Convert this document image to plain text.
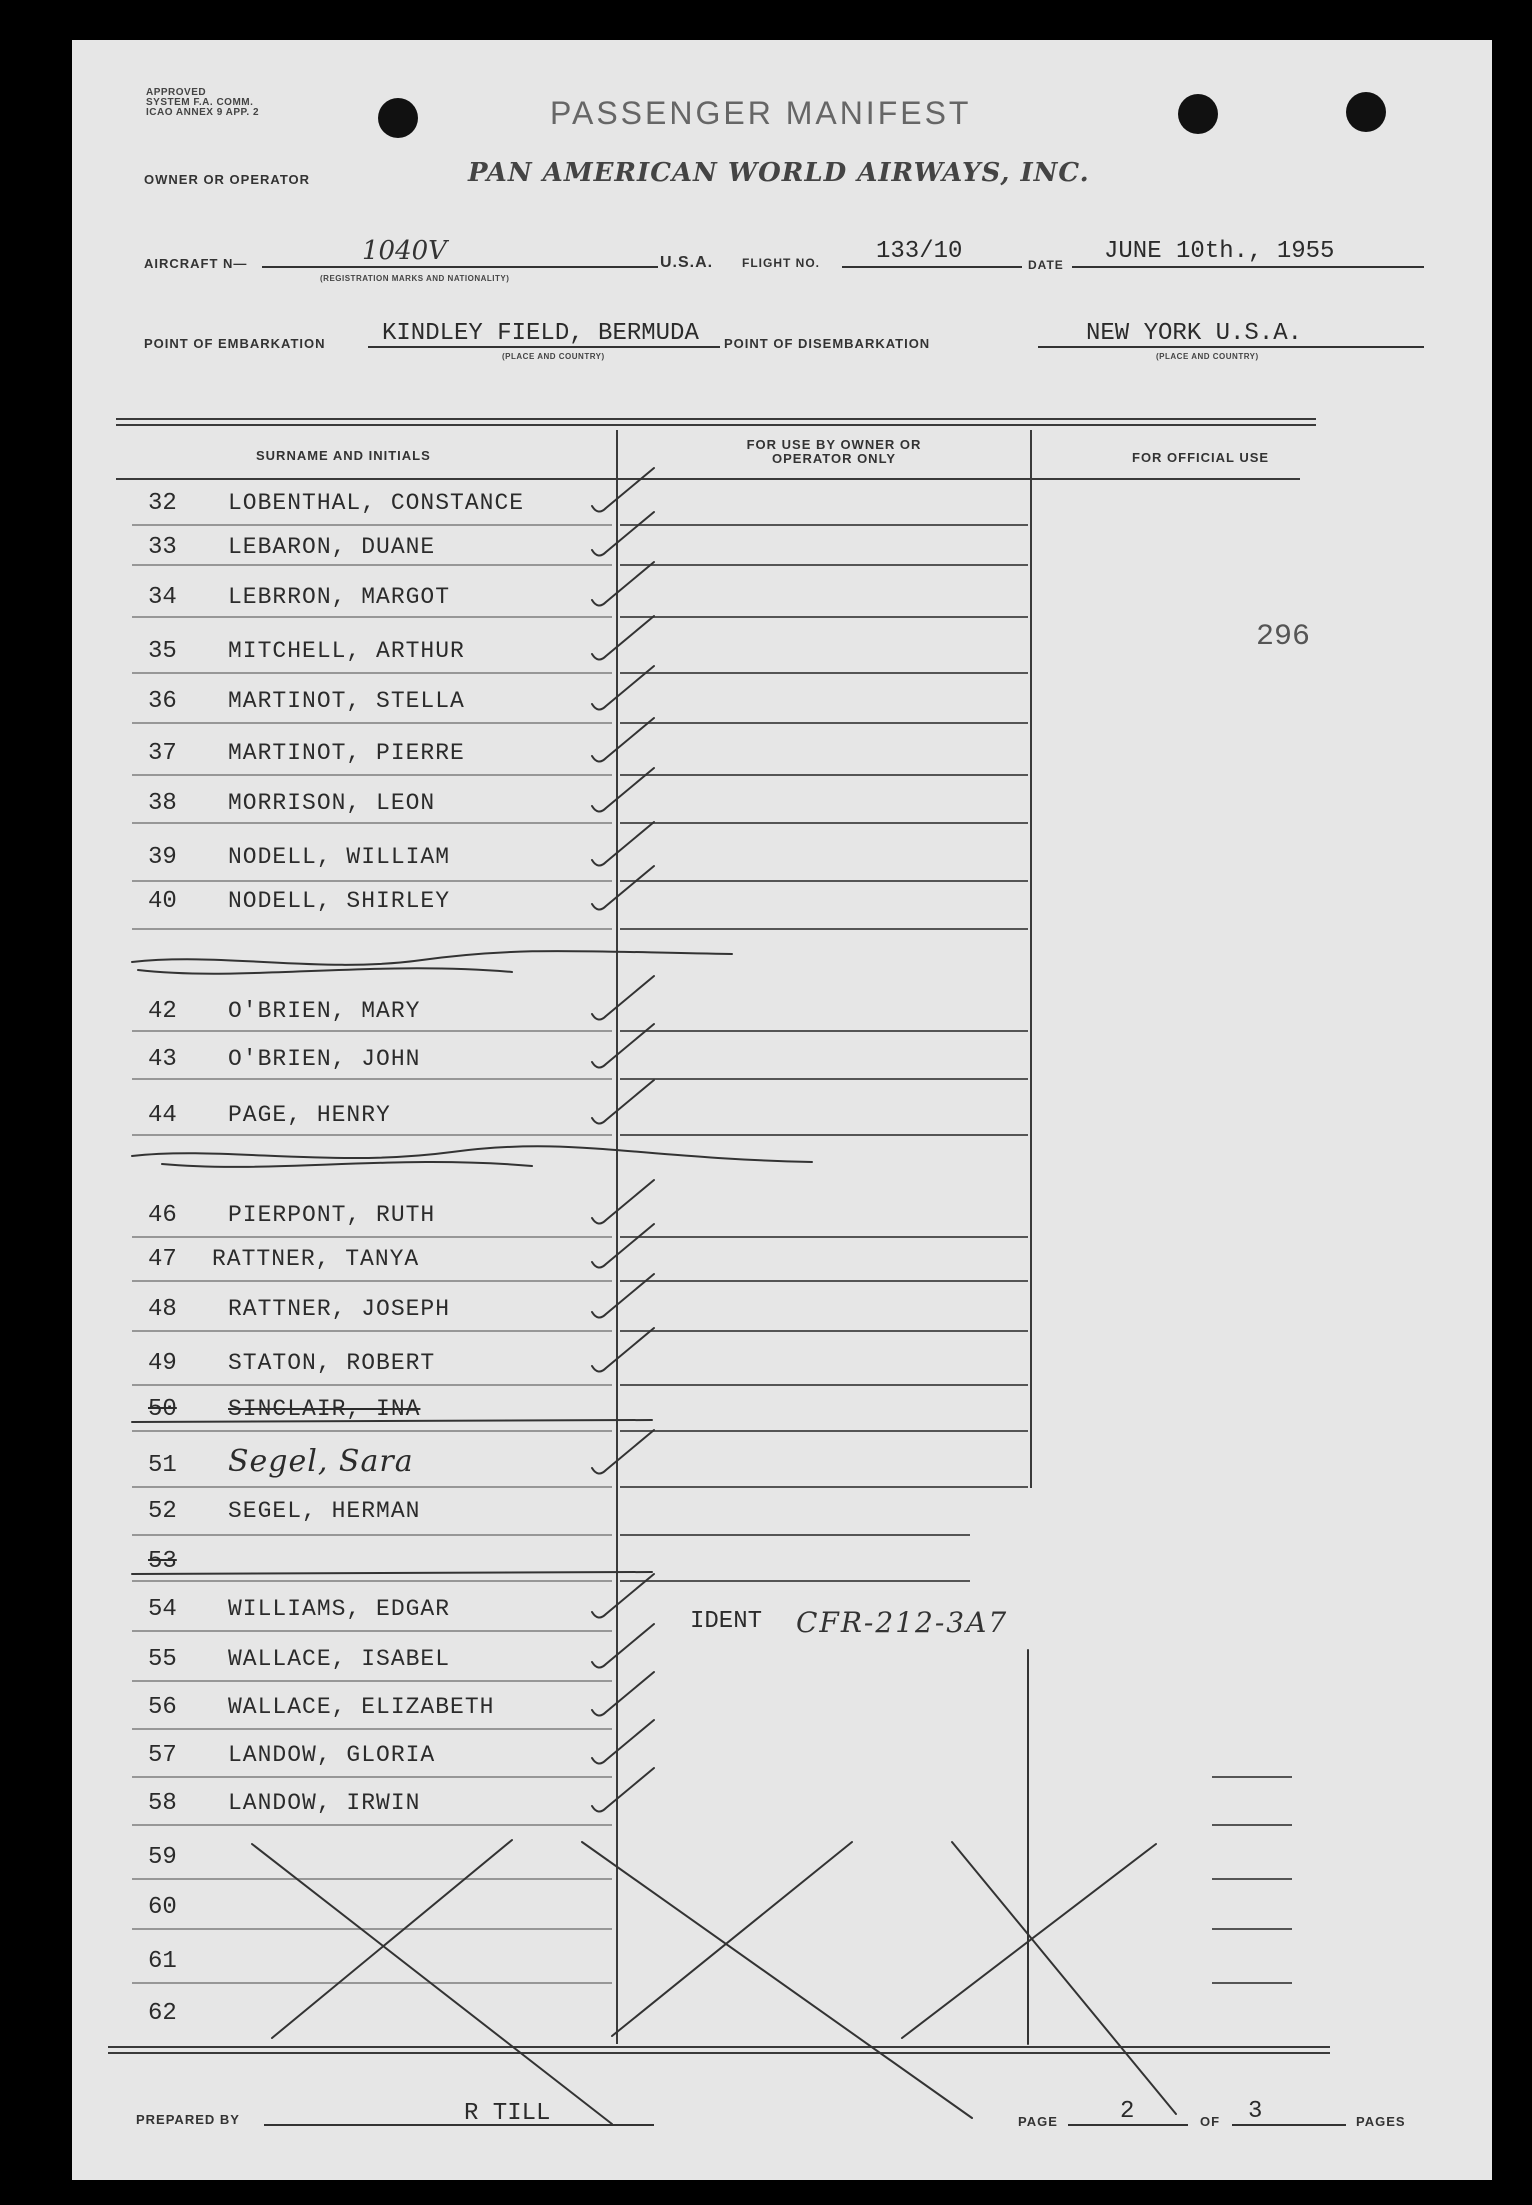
APPROVED
SYSTEM F.A. COMM.
ICAO ANNEX 9 APP. 2	PASSENGER MANIFEST
OWNER OR OPERATOR	PAN AMERICAN WORLD AIRWAYS, INC.
AIRCRAFT N—	1040V
(REGISTRATION MARKS AND NATIONALITY)
U.S.A. FLIGHT NO. 133/10	DATE JUNE 10th., 1955
POINT OF EMBARKATION KINDLEY FIELD, BERMUDA
(PLACE AND COUNTRY)
POINT OF DISEMBARKATION	NEW YORK U.S.A.
(PLACE AND COUNTRY)
SURNAME AND INITIALS
FOR USE BY OWNER OR OPERATOR ONLY	FOR OFFICIAL USE
296
32	LOBENTHAL, CONSTANCE
33	LEBARON, DUANE
34	LEBRRON, MARGOT
35	MITCHELL, ARTHUR
36	MARTINOT, STELLA
37	MARTINOT, PIERRE
38	MORRISON, LEON
39	NODELL, WILLIAM
40	NODELL, SHIRLEY
42	O'BRIEN, MARY
43	O'BRIEN, JOHN
44	PAGE, HENRY
46	PIERPONT, RUTH
47	RATTNER, TANYA
48	RATTNER, JOSEPH
49	STATON, ROBERT
50	SINCLAIR, INA
51	Segel, Sara
52	SEGEL, HERMAN
53
54	WILLIAMS, EDGAR
55	WALLACE, ISABEL
56	WALLACE, ELIZABETH
57	LANDOW, GLORIA
58	LANDOW, IRWIN
59
60
61
62
IDENT CFR-212-3A7
PREPARED BY	R TILL	PAGE	2	OF 3	PAGES
